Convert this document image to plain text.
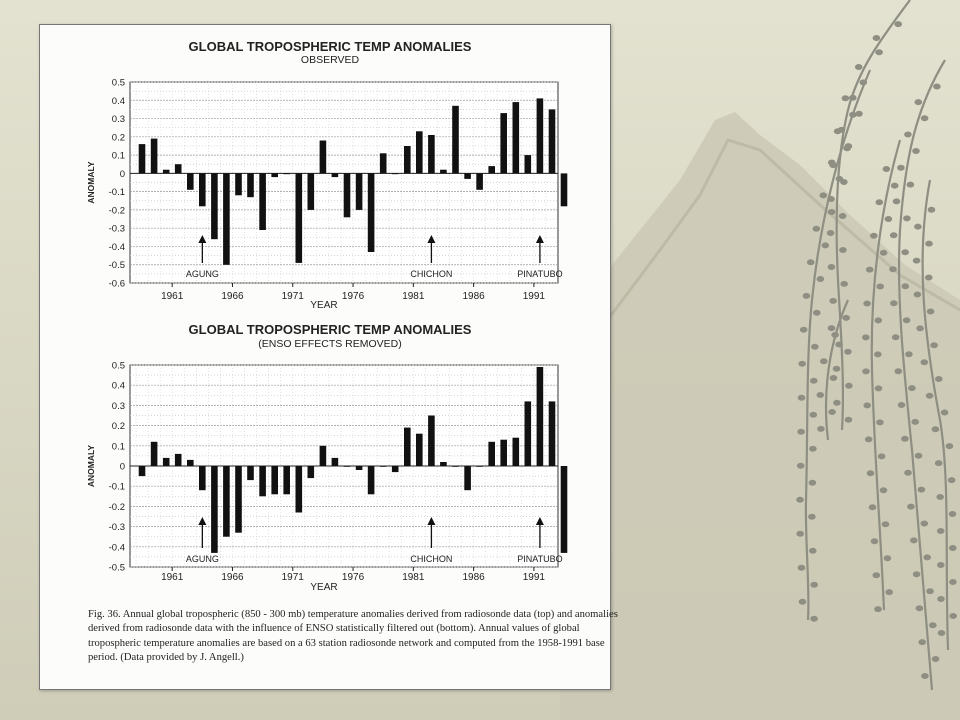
GLOBAL TROPOSPHERIC TEMP ANOMALIES
OBSERVED
0.5
0.4
0.3
0.2
0.1
0
-0.1
-0.2
-0.3
-0.4
-0.5
-0.6
ANOMALY
1961	1966	1971	1976	1981	1986	1991
YEAR
AGUNG	CHICHON	PINATUBO
GLOBAL TROPOSPHERIC TEMP ANOMALIES
(ENSO EFFECTS REMOVED)
0.5
0.4
0.3
0.2
0.1
0
-0.1
-0.2
-0.3
-0.4
-0.5
ANOMALY
1961	1966	1971	1976	1981	1986	1991
YEAR
AGUNG	CHICHON	PINATUBO
Fig. 36. Annual global tropospheric (850 - 300 mb) temperature anomalies derived from radiosonde data (top) and anomalies derived from radiosonde data with the influence of ENSO statistically filtered out (bottom). Annual values of global tropospheric temperature anomalies are based on a 63 station radiosonde network and computed from the 1958-1991 base period. (Data provided by J. Angell.)
